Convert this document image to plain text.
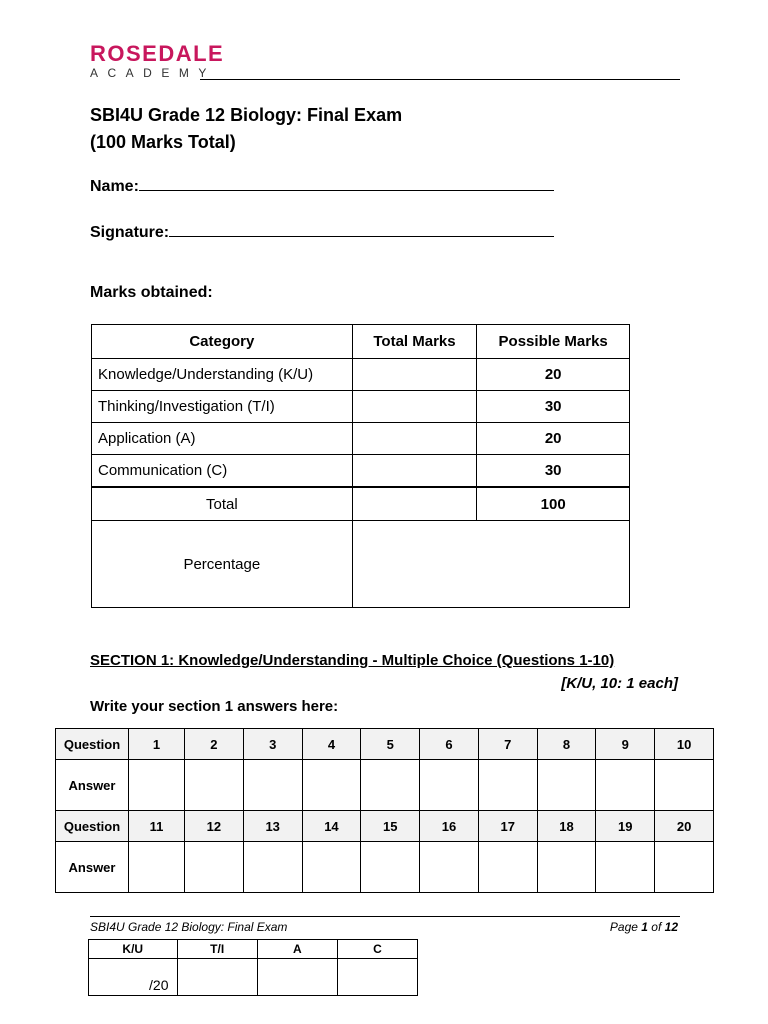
ROSEDALE
ACADEMY
SBI4U Grade 12 Biology: Final Exam
(100 Marks Total)
Name:
Signature:
Marks obtained:
Category	Total Marks	Possible Marks
Knowledge/Understanding (K/U)		20
Thinking/Investigation (T/I)		30
Application (A)		20
Communication (C)		30
Total		100
Percentage		
SECTION 1: Knowledge/Understanding - Multiple Choice (Questions 1-10)
[K/U, 10: 1 each]
Write your section 1 answers here:
Question	1	2	3	4	5	6	7	8	9	10
Answer										
Question	11	12	13	14	15	16	17	18	19	20
Answer										
SBI4U Grade 12 Biology: Final Exam	Page 1 of 12
K/U	T/I	A	C
/20			
